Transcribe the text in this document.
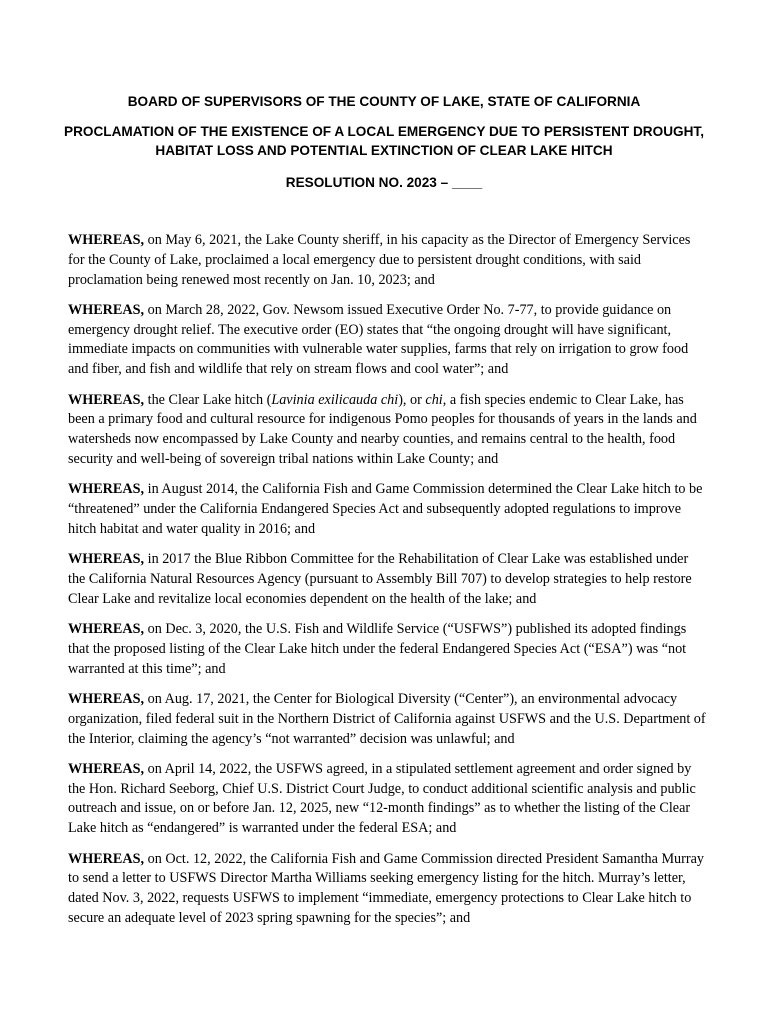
BOARD OF SUPERVISORS OF THE COUNTY OF LAKE, STATE OF CALIFORNIA
PROCLAMATION OF THE EXISTENCE OF A LOCAL EMERGENCY DUE TO PERSISTENT DROUGHT, HABITAT LOSS AND POTENTIAL EXTINCTION OF CLEAR LAKE HITCH
RESOLUTION NO. 2023 – ____

WHEREAS, on May 6, 2021, the Lake County sheriff, in his capacity as the Director of Emergency Services for the County of Lake, proclaimed a local emergency due to persistent drought conditions, with said proclamation being renewed most recently on Jan. 10, 2023; and

WHEREAS, on March 28, 2022, Gov. Newsom issued Executive Order No. 7-77, to provide guidance on emergency drought relief. The executive order (EO) states that “the ongoing drought will have significant, immediate impacts on communities with vulnerable water supplies, farms that rely on irrigation to grow food and fiber, and fish and wildlife that rely on stream flows and cool water”; and

WHEREAS, the Clear Lake hitch (Lavinia exilicauda chi), or chi, a fish species endemic to Clear Lake, has been a primary food and cultural resource for indigenous Pomo peoples for thousands of years in the lands and watersheds now encompassed by Lake County and nearby counties, and remains central to the health, food security and well-being of sovereign tribal nations within Lake County; and

WHEREAS, in August 2014, the California Fish and Game Commission determined the Clear Lake hitch to be “threatened” under the California Endangered Species Act and subsequently adopted regulations to improve hitch habitat and water quality in 2016; and

WHEREAS, in 2017 the Blue Ribbon Committee for the Rehabilitation of Clear Lake was established under the California Natural Resources Agency (pursuant to Assembly Bill 707) to develop strategies to help restore Clear Lake and revitalize local economies dependent on the health of the lake; and

WHEREAS, on Dec. 3, 2020, the U.S. Fish and Wildlife Service (“USFWS”) published its adopted findings that the proposed listing of the Clear Lake hitch under the federal Endangered Species Act (“ESA”) was “not warranted at this time”; and

WHEREAS, on Aug. 17, 2021, the Center for Biological Diversity (“Center”), an environmental advocacy organization, filed federal suit in the Northern District of California against USFWS and the U.S. Department of the Interior, claiming the agency’s “not warranted” decision was unlawful; and

WHEREAS, on April 14, 2022, the USFWS agreed, in a stipulated settlement agreement and order signed by the Hon. Richard Seeborg, Chief U.S. District Court Judge, to conduct additional scientific analysis and public outreach and issue, on or before Jan. 12, 2025, new “12-month findings” as to whether the listing of the Clear Lake hitch as “endangered” is warranted under the federal ESA; and

WHEREAS, on Oct. 12, 2022, the California Fish and Game Commission directed President Samantha Murray to send a letter to USFWS Director Martha Williams seeking emergency listing for the hitch. Murray’s letter, dated Nov. 3, 2022, requests USFWS to implement “immediate, emergency protections to Clear Lake hitch to secure an adequate level of 2023 spring spawning for the species”; and
